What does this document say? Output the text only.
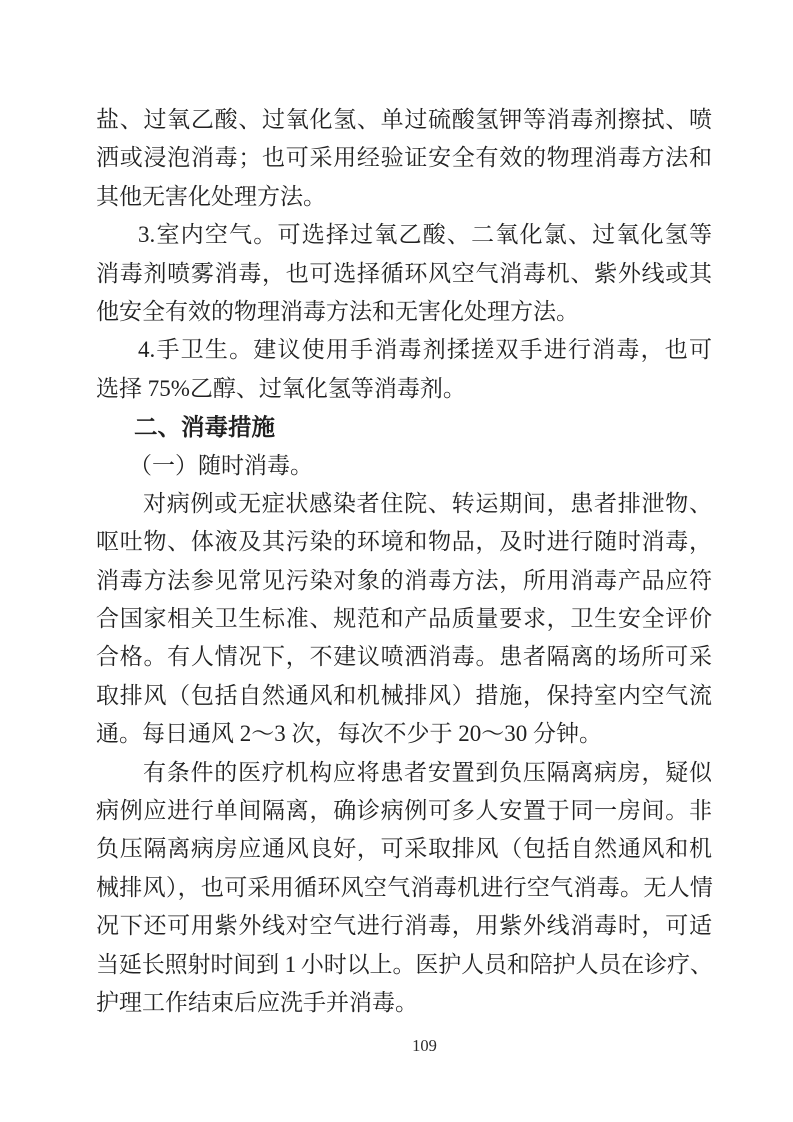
盐、过氧乙酸、过氧化氢、单过硫酸氢钾等消毒剂擦拭、喷
洒或浸泡消毒；也可采用经验证安全有效的物理消毒方法和
其他无害化处理方法。
3.室内空气。可选择过氧乙酸、二氧化氯、过氧化氢等
消毒剂喷雾消毒，也可选择循环风空气消毒机、紫外线或其
他安全有效的物理消毒方法和无害化处理方法。
4.手卫生。建议使用手消毒剂揉搓双手进行消毒，也可
选择 75%乙醇、过氧化氢等消毒剂。
二、消毒措施
（一）随时消毒。
对病例或无症状感染者住院、转运期间，患者排泄物、
呕吐物、体液及其污染的环境和物品，及时进行随时消毒，
消毒方法参见常见污染对象的消毒方法，所用消毒产品应符
合国家相关卫生标准、规范和产品质量要求，卫生安全评价
合格。有人情况下，不建议喷洒消毒。患者隔离的场所可采
取排风（包括自然通风和机械排风）措施，保持室内空气流
通。每日通风 2～3 次，每次不少于 20～30 分钟。
有条件的医疗机构应将患者安置到负压隔离病房，疑似
病例应进行单间隔离，确诊病例可多人安置于同一房间。非
负压隔离病房应通风良好，可采取排风（包括自然通风和机
械排风），也可采用循环风空气消毒机进行空气消毒。无人情
况下还可用紫外线对空气进行消毒，用紫外线消毒时，可适
当延长照射时间到 1 小时以上。医护人员和陪护人员在诊疗、
护理工作结束后应洗手并消毒。
109
